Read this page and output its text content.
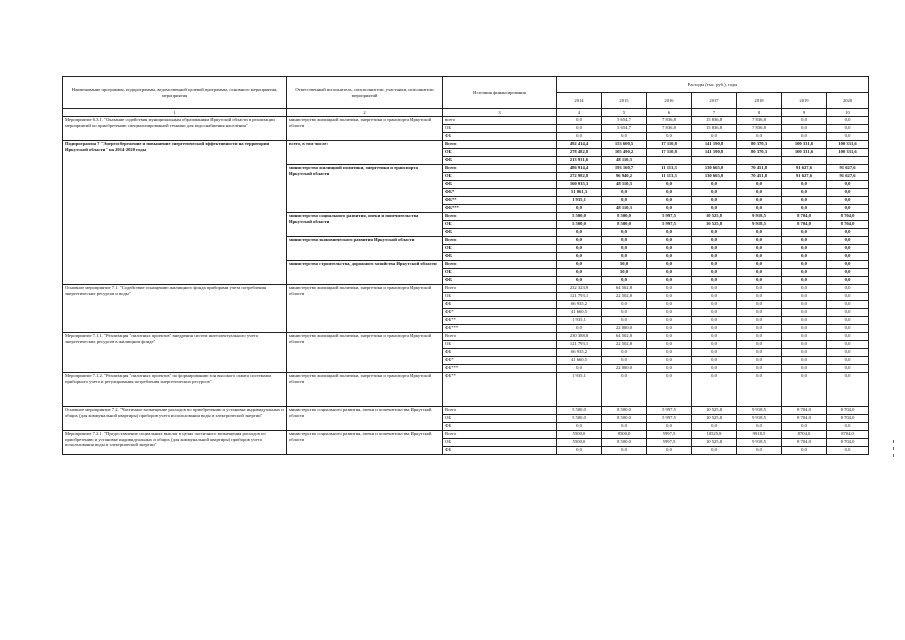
Наименование программы, подпрограммы, ведомственной целевой программы, основного мероприятия, мероприятия	Ответственный исполнитель, соисполнители, участники, исполнители мероприятий	Источник финансирования	Расходы (тыс. руб.), годы						
			2014	2015	2016	2017	2018	2019	2020
1	2	3	4	5	6	7	8	9	10
Мероприятие 6.3.1. "Оказание содействия муниципальным образованиям Иркутской области в реализации мероприятий по приобретению специализированной техники для водоснабжения населения"	министерство жилищной политики, энергетики и транспорта Иркутской области	всего	0,0	5 654,7	7 836,8	15 836,8	7 836,8	0,0	0,0
		ОБ	0,0	5 654,7	7 836,8	15 836,8	7 836,8	0,0	0,0
		ФБ	0,0	0,0	0,0	0,0	0,0	0,0	0,0
Подпрограмма 7 "Энергосбережение и повышение энергетической эффективности на территории Иркутской области" на 2014-2020 годы	всего, в том числе:	Всего	492 414,4	153 600,5	17 110,8	141 190,8	80 370,3	100 331,6	100 331,6
		ОБ	278 482,8	105 490,2	17 110,8	141 190,8	80 370,3	100 331,6	100 331,6
		ФБ	213 931,6	48 110,3					
	министерство жилищной политики, энергетики и транспорта Иркутской области	Всего	486 914,4	193 160,7	11 113,3	130 665,0	70 451,8	91 627,6	91 627,6
		ОБ	272 982,8	96 940,2	11 113,3	130 665,0	70 451,8	91 627,6	91 627,6
		ФБ	160 935,3	48 110,3	0,0	0,0	0,0	0,0	0,0
		ФБ*	51 061,3	0,0	0,0	0,0	0,0	0,0	0,0
		ФБ**	1 935,1	0,0	0,0	0,0	0,0	0,0	0,0
		ФБ***	0,0	48 110,3	0,0	0,0	0,0	0,0	0,0
	министерство социального развития, опеки и попечительства Иркутской области	Всего	5 500,0	8 500,0	5 997,5	10 525,8	9 918,5	8 704,0	8 704,0
		ОБ	5 500,0	8 500,0	5 997,5	10 525,8	9 918,5	8 704,0	8 704,0
		ФБ	0,0	0,0	0,0	0,0	0,0	0,0	0,0
	министерство экономического развития Иркутской области	Всего	0,0	0,0	0,0	0,0	0,0	0,0	0,0
		ОБ	0,0	0,0	0,0	0,0	0,0	0,0	0,0
		ФБ	0,0	0,0	0,0	0,0	0,0	0,0	0,0
	министерство строительства, дорожного хозяйства Иркутской области	Всего	0,0	50,0	0,0	0,0	0,0	0,0	0,0
		ОБ	0,0	50,0	0,0	0,0	0,0	0,0	0,0
		ФБ	0,0	0,0	0,0	0,0	0,0	0,0	0,0
Основное мероприятие 7.1. "Содействие оснащению жилищного фонда приборами учета потребления энергетических ресурсов и воды"	министерство жилищной политики, энергетики и транспорта Иркутской области	Всего	232 323,9	64 502,8	0,0	0,0	0,0	0,0	0,0
		ОБ	121 793,1	22 502,8	0,0	0,0	0,0	0,0	0,0
		ФБ	66 935,2	0,0	0,0	0,0	0,0	0,0	0,0
		ФБ*	41 660,5	0,0	0,0	0,0	0,0	0,0	0,0
		ФБ**	1 935,1	0,0	0,0	0,0	0,0	0,0	0,0
		ФБ***	0,0	22 000,0	0,0	0,0	0,0	0,0	0,0
Мероприятие 7.1.1. "Реализация "пилотных проектов" внедрения систем интеллектуального учета энергетических ресурсов в жилищном фонде"	министерство жилищной политики, энергетики и транспорта Иркутской области	Всего	230 388,8	64 502,8	0,0	0,0	0,0	0,0	0,0
		ОБ	121 793,1	22 502,8	0,0	0,0	0,0	0,0	0,0
		ФБ	66 935,2	0,0	0,0	0,0	0,0	0,0	0,0
		ФБ*	41 660,5	0,0	0,0	0,0	0,0	0,0	0,0
		ФБ***	0,0	22 000,0	0,0	0,0	0,0	0,0	0,0
Мероприятие 7.1.2. "Реализация "пилотных проектов" по формированию зон высокого охвата системами приборного учета и регулирования потребления энергетических ресурсов"	министерство жилищной политики, энергетики и транспорта Иркутской области	ФБ**	1 935,1	0,0	0,0	0,0	0,0	0,0	0,0
Основное мероприятие 7.2. "Частичное возмещение расходов по приобретению и установке индивидуальных и общих (для коммунальной квартиры) приборов учета использования воды и электрической энергии"	министерство социального развития, опеки и попечительства Иркутской области	Всего	5 500,0	8 500,0	5 997,5	10 525,8	9 918,5	8 704,0	8 704,0
		ОБ	5 500,0	8 500,0	5 997,5	10 525,8	9 918,5	8 704,0	8 704,0
		ФБ	0,0	0,0	0,0	0,0	0,0	0,0	0,0
Мероприятие 7.2.1. "Предоставление социальных выплат в целях частичного возмещения расходов по приобретению и установке индивидуальных и общих (для коммунальной квартиры) приборов учета использования воды и электрической энергии"	министерство социального развития, опеки и попечительства Иркутской области	Всего	5500,0	8500,0	5997,5	10525,8	9918,5	8704,0	8704,0
		ОБ	5500,0	8 500,0	5997,5	10 525,8	9 918,5	8 704,0	8 704,0
		ФБ	0,0	0,0	0,0	0,0	0,0	0,0	0,0
